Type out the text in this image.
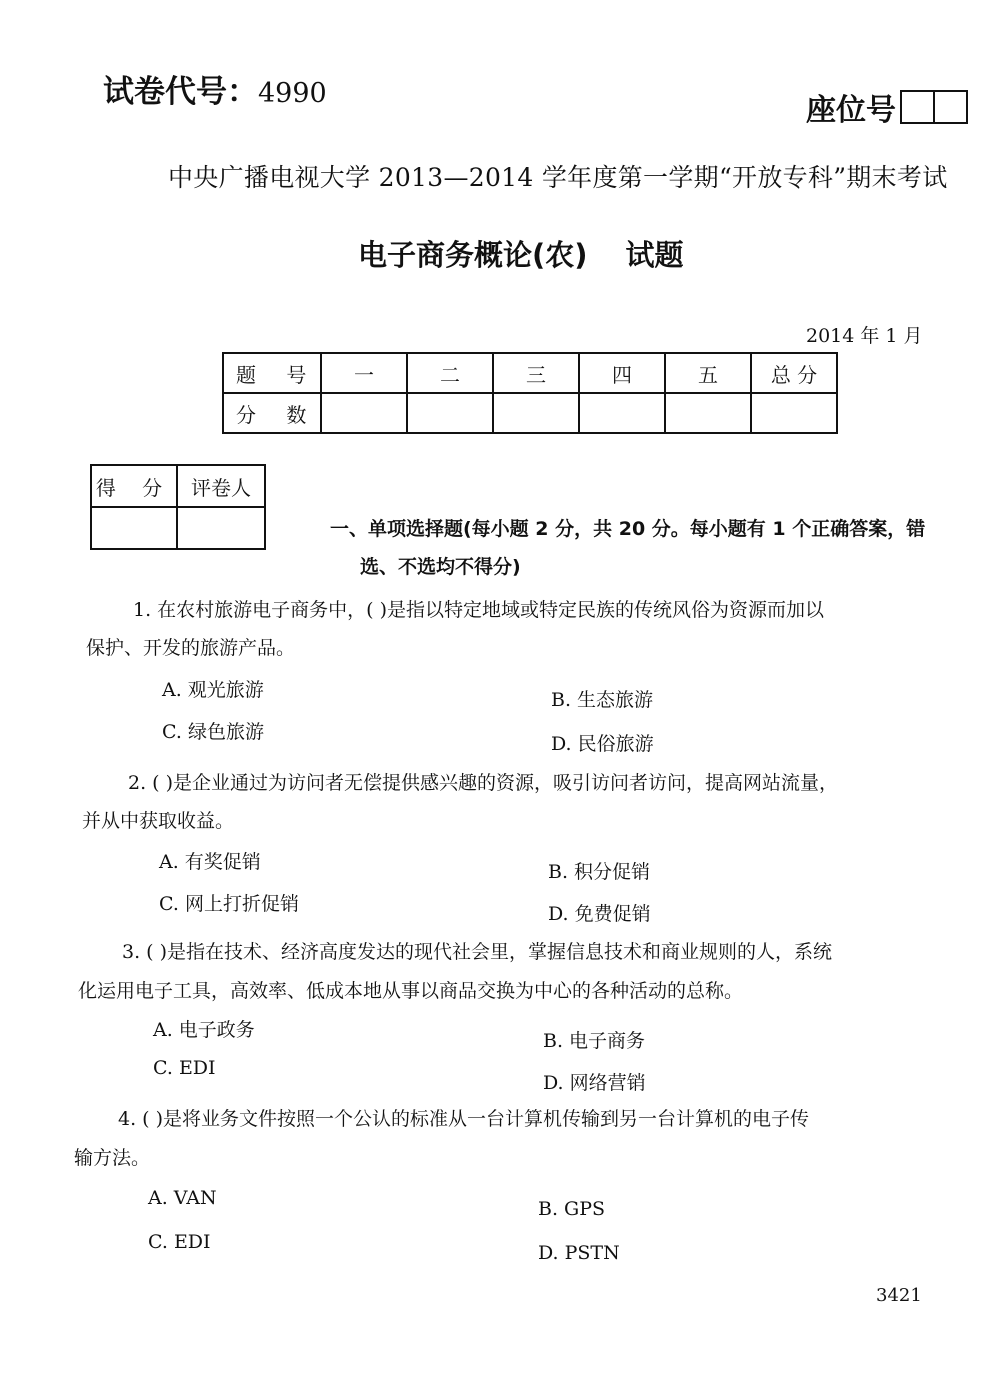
试卷代号：4990	座位号
中央广播电视大学 2013—2014 学年度第一学期“开放专科”期末考试
电子商务概论(农) 试题
2014 年 1 月
题 号	一	二	三	四	五	总 分
分 数						
得 分	评卷人

一、单项选择题(每小题 2 分，共 20 分。每小题有 1 个正确答案，错
选、不选均不得分)
1. 在农村旅游电子商务中，( )是指以特定地域或特定民族的传统风俗为资源而加以
保护、开发的旅游产品。
A. 观光旅游	B. 生态旅游
C. 绿色旅游
D. 民俗旅游
2. ( )是企业通过为访问者无偿提供感兴趣的资源，吸引访问者访问，提高网站流量，
并从中获取收益。
A. 有奖促销	B. 积分促销
C. 网上打折促销	D. 免费促销
3. ( )是指在技术、经济高度发达的现代社会里，掌握信息技术和商业规则的人，系统
化运用电子工具，高效率、低成本地从事以商品交换为中心的各种活动的总称。
A. 电子政务	B. 电子商务
C. EDI
D. 网络营销
4. ( )是将业务文件按照一个公认的标准从一台计算机传输到另一台计算机的电子传
输方法。
A. VAN	B. GPS
C. EDI	D. PSTN
3421
